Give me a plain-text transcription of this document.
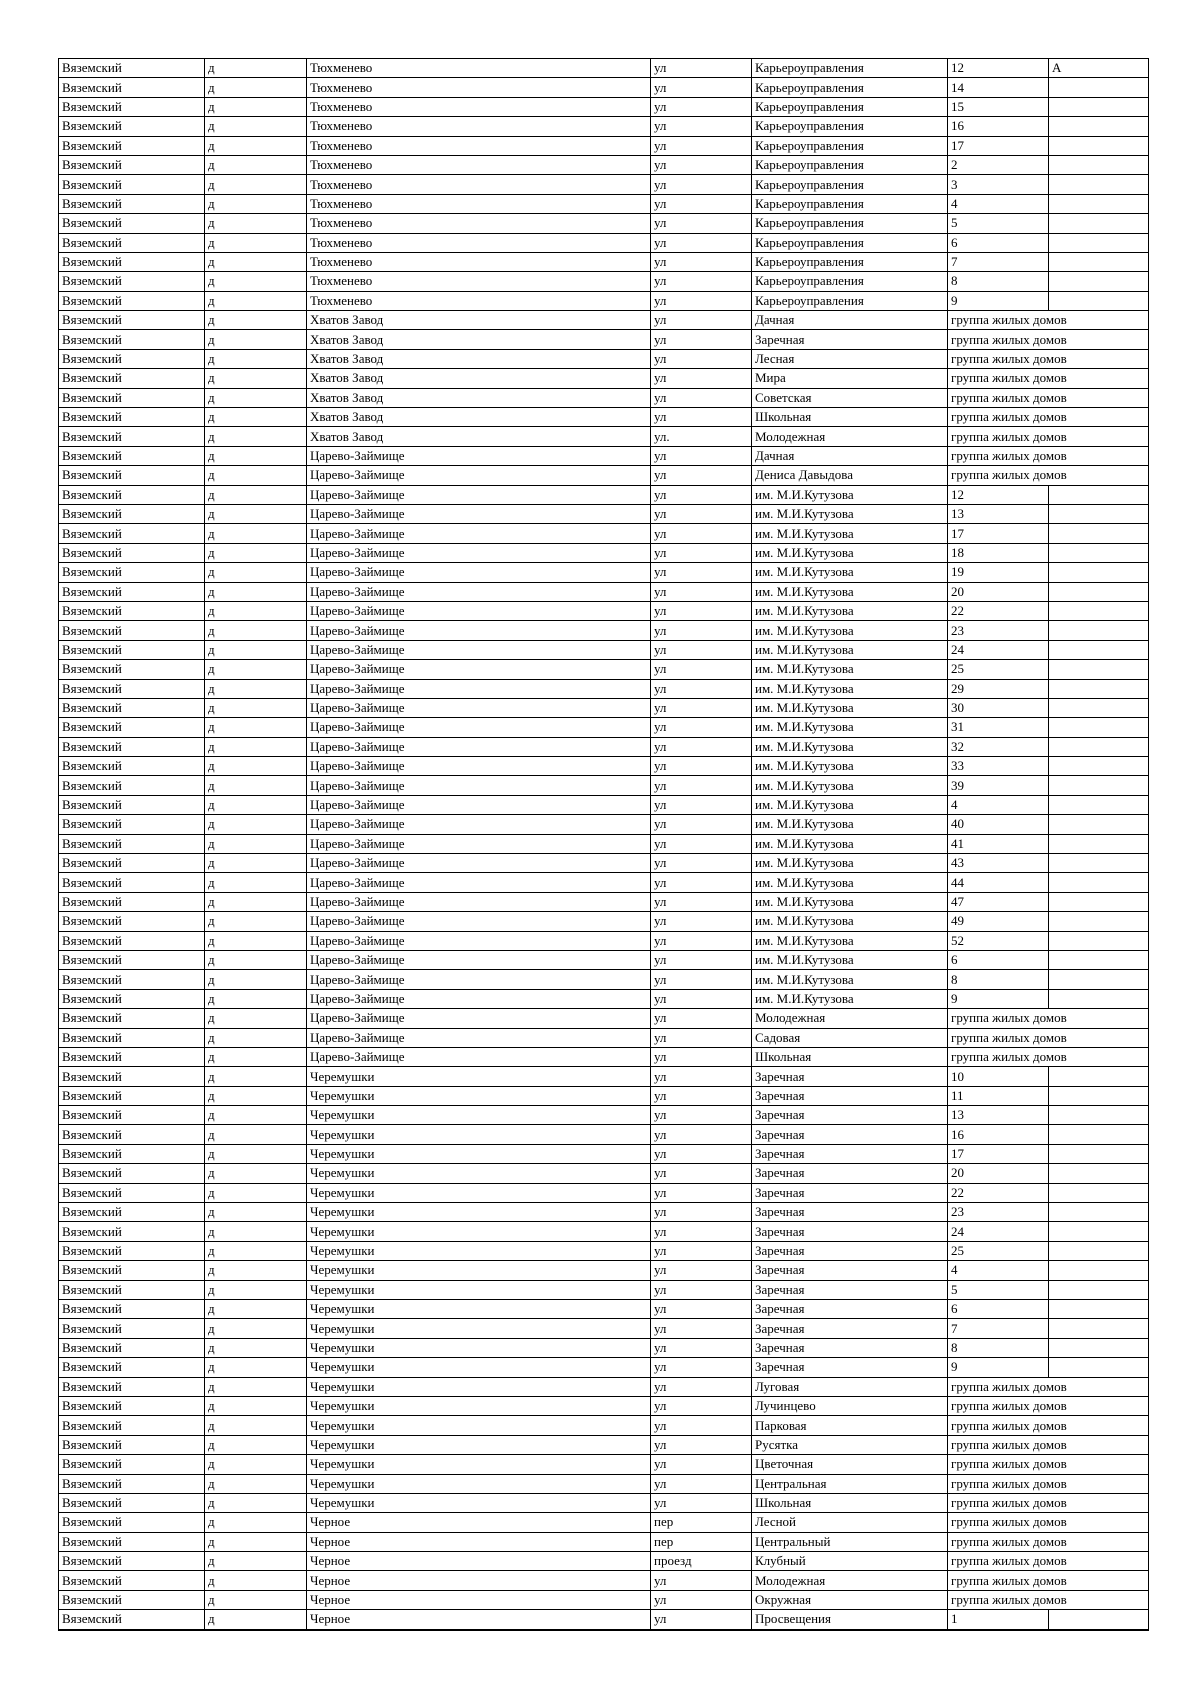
Вяземский	д	Тюхменево	ул	Карьероуправления	12	А
Вяземский	д	Тюхменево	ул	Карьероуправления	14	
Вяземский	д	Тюхменево	ул	Карьероуправления	15	
Вяземский	д	Тюхменево	ул	Карьероуправления	16	
Вяземский	д	Тюхменево	ул	Карьероуправления	17	
Вяземский	д	Тюхменево	ул	Карьероуправления	2	
Вяземский	д	Тюхменево	ул	Карьероуправления	3	
Вяземский	д	Тюхменево	ул	Карьероуправления	4	
Вяземский	д	Тюхменево	ул	Карьероуправления	5	
Вяземский	д	Тюхменево	ул	Карьероуправления	6	
Вяземский	д	Тюхменево	ул	Карьероуправления	7	
Вяземский	д	Тюхменево	ул	Карьероуправления	8	
Вяземский	д	Тюхменево	ул	Карьероуправления	9	
Вяземский	д	Хватов Завод	ул	Дачная	группа жилых домов	
Вяземский	д	Хватов Завод	ул	Заречная	группа жилых домов	
Вяземский	д	Хватов Завод	ул	Лесная	группа жилых домов	
Вяземский	д	Хватов Завод	ул	Мира	группа жилых домов	
Вяземский	д	Хватов Завод	ул	Советская	группа жилых домов	
Вяземский	д	Хватов Завод	ул	Школьная	группа жилых домов	
Вяземский	д	Хватов Завод	ул.	Молодежная	группа жилых домов	
Вяземский	д	Царево-Займище	ул	Дачная	группа жилых домов	
Вяземский	д	Царево-Займище	ул	Дениса Давыдова	группа жилых домов	
Вяземский	д	Царево-Займище	ул	им. М.И.Кутузова	12	
Вяземский	д	Царево-Займище	ул	им. М.И.Кутузова	13	
Вяземский	д	Царево-Займище	ул	им. М.И.Кутузова	17	
Вяземский	д	Царево-Займище	ул	им. М.И.Кутузова	18	
Вяземский	д	Царево-Займище	ул	им. М.И.Кутузова	19	
Вяземский	д	Царево-Займище	ул	им. М.И.Кутузова	20	
Вяземский	д	Царево-Займище	ул	им. М.И.Кутузова	22	
Вяземский	д	Царево-Займище	ул	им. М.И.Кутузова	23	
Вяземский	д	Царево-Займище	ул	им. М.И.Кутузова	24	
Вяземский	д	Царево-Займище	ул	им. М.И.Кутузова	25	
Вяземский	д	Царево-Займище	ул	им. М.И.Кутузова	29	
Вяземский	д	Царево-Займище	ул	им. М.И.Кутузова	30	
Вяземский	д	Царево-Займище	ул	им. М.И.Кутузова	31	
Вяземский	д	Царево-Займище	ул	им. М.И.Кутузова	32	
Вяземский	д	Царево-Займище	ул	им. М.И.Кутузова	33	
Вяземский	д	Царево-Займище	ул	им. М.И.Кутузова	39	
Вяземский	д	Царево-Займище	ул	им. М.И.Кутузова	4	
Вяземский	д	Царево-Займище	ул	им. М.И.Кутузова	40	
Вяземский	д	Царево-Займище	ул	им. М.И.Кутузова	41	
Вяземский	д	Царево-Займище	ул	им. М.И.Кутузова	43	
Вяземский	д	Царево-Займище	ул	им. М.И.Кутузова	44	
Вяземский	д	Царево-Займище	ул	им. М.И.Кутузова	47	
Вяземский	д	Царево-Займище	ул	им. М.И.Кутузова	49	
Вяземский	д	Царево-Займище	ул	им. М.И.Кутузова	52	
Вяземский	д	Царево-Займище	ул	им. М.И.Кутузова	6	
Вяземский	д	Царево-Займище	ул	им. М.И.Кутузова	8	
Вяземский	д	Царево-Займище	ул	им. М.И.Кутузова	9	
Вяземский	д	Царево-Займище	ул	Молодежная	группа жилых домов	
Вяземский	д	Царево-Займище	ул	Садовая	группа жилых домов	
Вяземский	д	Царево-Займище	ул	Школьная	группа жилых домов	
Вяземский	д	Черемушки	ул	Заречная	10	
Вяземский	д	Черемушки	ул	Заречная	11	
Вяземский	д	Черемушки	ул	Заречная	13	
Вяземский	д	Черемушки	ул	Заречная	16	
Вяземский	д	Черемушки	ул	Заречная	17	
Вяземский	д	Черемушки	ул	Заречная	20	
Вяземский	д	Черемушки	ул	Заречная	22	
Вяземский	д	Черемушки	ул	Заречная	23	
Вяземский	д	Черемушки	ул	Заречная	24	
Вяземский	д	Черемушки	ул	Заречная	25	
Вяземский	д	Черемушки	ул	Заречная	4	
Вяземский	д	Черемушки	ул	Заречная	5	
Вяземский	д	Черемушки	ул	Заречная	6	
Вяземский	д	Черемушки	ул	Заречная	7	
Вяземский	д	Черемушки	ул	Заречная	8	
Вяземский	д	Черемушки	ул	Заречная	9	
Вяземский	д	Черемушки	ул	Луговая	группа жилых домов	
Вяземский	д	Черемушки	ул	Лучинцево	группа жилых домов	
Вяземский	д	Черемушки	ул	Парковая	группа жилых домов	
Вяземский	д	Черемушки	ул	Русятка	группа жилых домов	
Вяземский	д	Черемушки	ул	Цветочная	группа жилых домов	
Вяземский	д	Черемушки	ул	Центральная	группа жилых домов	
Вяземский	д	Черемушки	ул	Школьная	группа жилых домов	
Вяземский	д	Черное	пер	Лесной	группа жилых домов	
Вяземский	д	Черное	пер	Центральный	группа жилых домов	
Вяземский	д	Черное	проезд	Клубный	группа жилых домов	
Вяземский	д	Черное	ул	Молодежная	группа жилых домов	
Вяземский	д	Черное	ул	Окружная	группа жилых домов	
Вяземский	д	Черное	ул	Просвещения	1	
